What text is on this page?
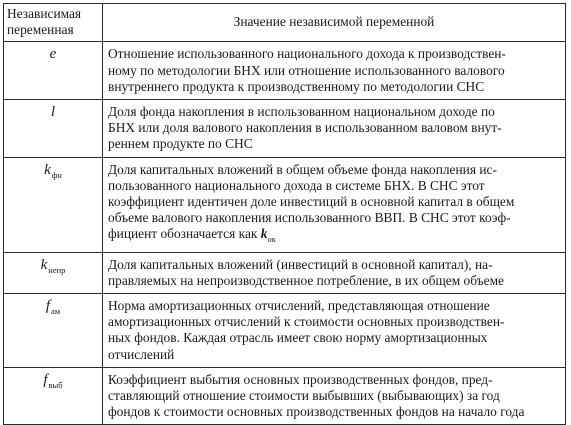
Независимая
переменная	Значение независимой переменной
e	Отношение использованного национального дохода к производствен-
ному по методологии БНХ или отношение использованного валового
внутреннего продукта к производственному по методологии СНС
l	Доля фонда накопления в использованном национальном доходе по
БНХ или доля валового накопления в использованном валовом внут-
реннем продукте по СНС
$k_{фн}$	Доля капитальных вложений в общем объеме фонда накопления ис-
пользованного национального дохода в системе БНХ. В СНС этот
коэффициент идентичен доле инвестиций в основной капитал в общем
объеме валового накопления использованного ВВП. В СНС этот коэф-
фициент обозначается как $k_{ок}$
$k_{непр}$	Доля капитальных вложений (инвестиций в основной капитал), на-
правляемых на непроизводственное потребление, в их общем объеме
$f_{ам}$	Норма амортизационных отчислений, представляющая отношение
амортизационных отчислений к стоимости основных производствен-
ных фондов. Каждая отрасль имеет свою норму амортизационных
отчислений
$f_{выб}$	Коэффициент выбытия основных производственных фондов, пред-
ставляющий отношение стоимости выбывших (выбывающих) за год
фондов к стоимости основных производственных фондов на начало года
